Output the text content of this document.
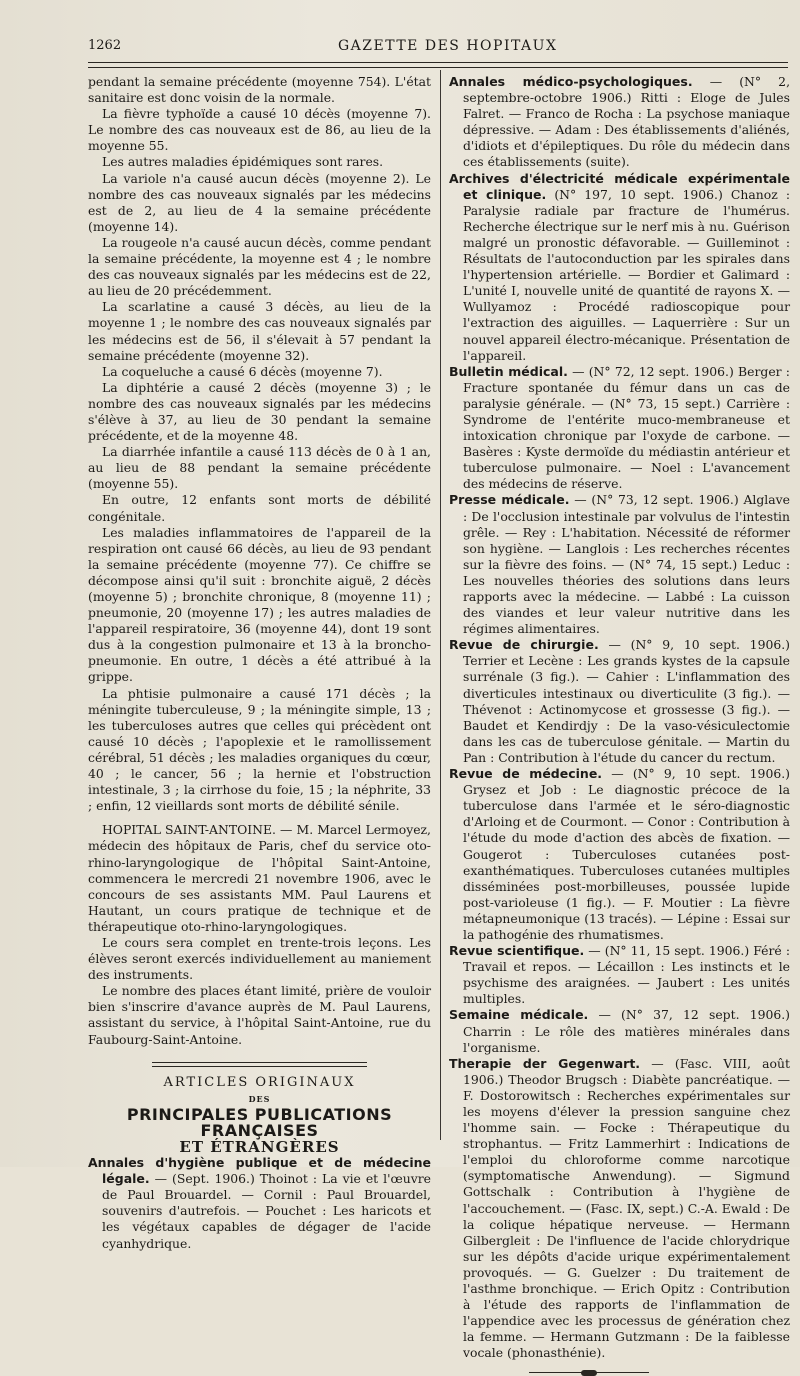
1262	GAZETTE DES HOPITAUX

pendant la semaine précédente (moyenne 754). L'état sanitaire est donc voisin de la normale.

La fièvre typhoïde a causé 10 décès (moyenne 7). Le nombre des cas nouveaux est de 86, au lieu de la moyenne 55.

Les autres maladies épidémiques sont rares.

La variole n'a causé aucun décès (moyenne 2). Le nombre des cas nouveaux signalés par les médecins est de 2, au lieu de 4 la semaine précédente (moyenne 14).

La rougeole n'a causé aucun décès, comme pendant la semaine précédente, la moyenne est 4 ; le nombre des cas nouveaux signalés par les médecins est de 22, au lieu de 20 précédemment.

La scarlatine a causé 3 décès, au lieu de la moyenne 1 ; le nombre des cas nouveaux signalés par les médecins est de 56, il s'élevait à 57 pendant la semaine précédente (moyenne 32).

La coqueluche a causé 6 décès (moyenne 7).

La diphtérie a causé 2 décès (moyenne 3) ; le nombre des cas nouveaux signalés par les médecins s'élève à 37, au lieu de 30 pendant la semaine précédente, et de la moyenne 48.

La diarrhée infantile a causé 113 décès de 0 à 1 an, au lieu de 88 pendant la semaine précédente (moyenne 55).

En outre, 12 enfants sont morts de débilité congénitale.

Les maladies inflammatoires de l'appareil de la respiration ont causé 66 décès, au lieu de 93 pendant la semaine précédente (moyenne 77). Ce chiffre se décompose ainsi qu'il suit : bronchite aiguë, 2 décès (moyenne 5) ; bronchite chronique, 8 (moyenne 11) ; pneumonie, 20 (moyenne 17) ; les autres maladies de l'appareil respiratoire, 36 (moyenne 44), dont 19 sont dus à la congestion pulmonaire et 13 à la broncho-pneumonie. En outre, 1 décès a été attribué à la grippe.

La phtisie pulmonaire a causé 171 décès ; la méningite tuberculeuse, 9 ; la méningite simple, 13 ; les tuberculoses autres que celles qui précèdent ont causé 10 décès ; l'apoplexie et le ramollissement cérébral, 51 décès ; les maladies organiques du cœur, 40 ; le cancer, 56 ; la hernie et l'obstruction intestinale, 3 ; la cirrhose du foie, 15 ; la néphrite, 33 ; enfin, 12 vieillards sont morts de débilité sénile.

HOPITAL SAINT-ANTOINE. — M. Marcel Lermoyez, médecin des hôpitaux de Paris, chef du service oto-rhino-laryngologique de l'hôpital Saint-Antoine, commencera le mercredi 21 novembre 1906, avec le concours de ses assistants MM. Paul Laurens et Hautant, un cours pratique de technique et de thérapeutique oto-rhino-laryngologiques.

Le cours sera complet en trente-trois leçons. Les élèves seront exercés individuellement au maniement des instruments.

Le nombre des places étant limité, prière de vouloir bien s'inscrire d'avance auprès de M. Paul Laurens, assistant du service, à l'hôpital Saint-Antoine, rue du Faubourg-Saint-Antoine.

ARTICLES ORIGINAUX

DES

PRINCIPALES PUBLICATIONS FRANÇAISES

ET ÉTRANGÈRES

Annales d'hygiène publique et de médecine légale. — (Sept. 1906.) Thoinot : La vie et l'œuvre de Paul Brouardel. — Cornil : Paul Brouardel, souvenirs d'autrefois. — Pouchet : Les haricots et les végétaux capables de dégager de l'acide cyanhydrique.

Annales médico-psychologiques. — (N° 2, septembre-octobre 1906.) Ritti : Eloge de Jules Falret. — Franco de Rocha : La psychose maniaque dépressive. — Adam : Des établissements d'aliénés, d'idiots et d'épileptiques. Du rôle du médecin dans ces établissements (suite).

Archives d'électricité médicale expérimentale et clinique. (N° 197, 10 sept. 1906.) Chanoz : Paralysie radiale par fracture de l'humérus. Recherche électrique sur le nerf mis à nu. Guérison malgré un pronostic défavorable. — Guilleminot : Résultats de l'autoconduction par les spirales dans l'hypertension artérielle. — Bordier et Galimard : L'unité I, nouvelle unité de quantité de rayons X. — Wullyamoz : Procédé radioscopique pour l'extraction des aiguilles. — Laquerrière : Sur un nouvel appareil électro-mécanique. Présentation de l'appareil.

Bulletin médical. — (N° 72, 12 sept. 1906.) Berger : Fracture spontanée du fémur dans un cas de paralysie générale. — (N° 73, 15 sept.) Carrière : Syndrome de l'entérite muco-membraneuse et intoxication chronique par l'oxyde de carbone. — Basères : Kyste dermoïde du médiastin antérieur et tuberculose pulmonaire. — Noel : L'avancement des médecins de réserve.

Presse médicale. — (N° 73, 12 sept. 1906.) Alglave : De l'occlusion intestinale par volvulus de l'intestin grêle. — Rey : L'habitation. Nécessité de réformer son hygiène. — Langlois : Les recherches récentes sur la fièvre des foins. — (N° 74, 15 sept.) Leduc : Les nouvelles théories des solutions dans leurs rapports avec la médecine. — Labbé : La cuisson des viandes et leur valeur nutritive dans les régimes alimentaires.

Revue de chirurgie. — (N° 9, 10 sept. 1906.) Terrier et Lecène : Les grands kystes de la capsule surrénale (3 fig.). — Cahier : L'inflammation des diverticules intestinaux ou diverticulite (3 fig.). — Thévenot : Actinomycose et grossesse (3 fig.). — Baudet et Kendirdjy : De la vaso-vésiculectomie dans les cas de tuberculose génitale. — Martin du Pan : Contribution à l'étude du cancer du rectum.

Revue de médecine. — (N° 9, 10 sept. 1906.) Grysez et Job : Le diagnostic précoce de la tuberculose dans l'armée et le séro-diagnostic d'Arloing et de Courmont. — Conor : Contribution à l'étude du mode d'action des abcès de fixation. — Gougerot : Tuberculoses cutanées post-exanthématiques. Tuberculoses cutanées multiples disséminées post-morbilleuses, poussée lupide post-varioleuse (1 fig.). — F. Moutier : La fièvre métapneumonique (13 tracés). — Lépine : Essai sur la pathogénie des rhumatismes.

Revue scientifique. — (N° 11, 15 sept. 1906.) Féré : Travail et repos. — Lécaillon : Les instincts et le psychisme des araignées. — Jaubert : Les unités multiples.

Semaine médicale. — (N° 37, 12 sept. 1906.) Charrin : Le rôle des matières minérales dans l'organisme.

Therapie der Gegenwart. — (Fasc. VIII, août 1906.) Theodor Brugsch : Diabète pancréatique. — F. Dostorowitsch : Recherches expérimentales sur les moyens d'élever la pression sanguine chez l'homme sain. — Focke : Thérapeutique du strophantus. — Fritz Lammerhirt : Indications de l'emploi du chloroforme comme narcotique (symptomatische Anwendung). — Sigmund Gottschalk : Contribution à l'hygiène de l'accouchement. — (Fasc. IX, sept.) C.-A. Ewald : De la colique hépatique nerveuse. — Hermann Gilbergleit : De l'influence de l'acide chlorydrique sur les dépôts d'acide urique expérimentalement provoqués. — G. Guelzer : Du traitement de l'asthme bronchique. — Erich Opitz : Contribution à l'étude des rapports de l'inflammation de l'appendice avec les processus de génération chez la femme. — Hermann Gutzmann : De la faiblesse vocale (phonasthénie).
